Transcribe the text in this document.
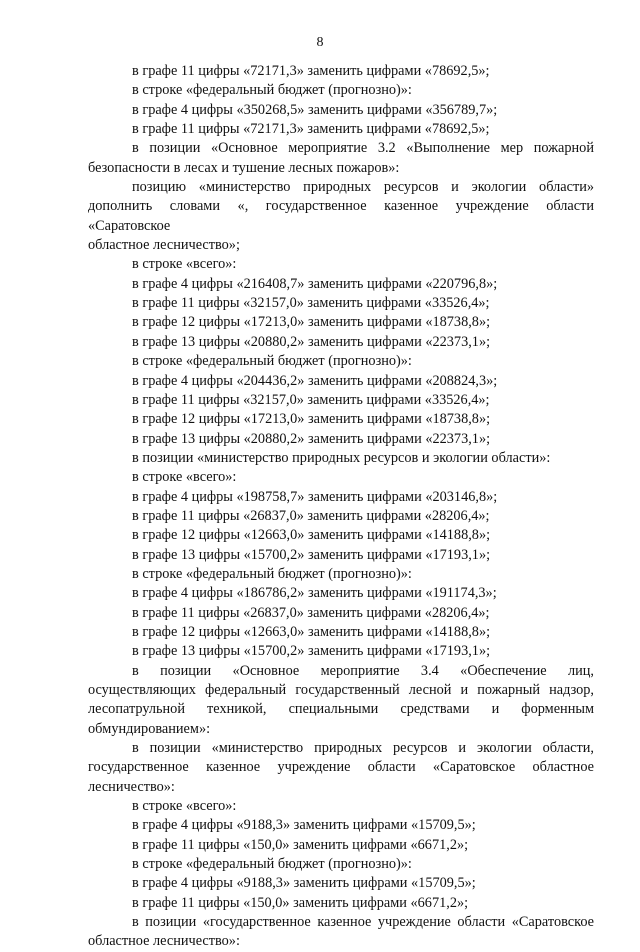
8
в графе 11 цифры «72171,3» заменить цифрами «78692,5»;
в строке «федеральный бюджет (прогнозно)»:
в графе 4 цифры «350268,5» заменить цифрами «356789,7»;
в графе 11 цифры «72171,3» заменить цифрами «78692,5»;
в позиции «Основное мероприятие 3.2 «Выполнение мер пожарной
безопасности в лесах и тушение лесных пожаров»:
позицию «министерство природных ресурсов и экологии области»
дополнить словами «, государственное казенное учреждение области «Саратовское
областное лесничество»;
в строке «всего»:
в графе 4 цифры «216408,7» заменить цифрами «220796,8»;
в графе 11 цифры «32157,0» заменить цифрами «33526,4»;
в графе 12 цифры «17213,0» заменить цифрами «18738,8»;
в графе 13 цифры «20880,2» заменить цифрами «22373,1»;
в строке «федеральный бюджет (прогнозно)»:
в графе 4 цифры «204436,2» заменить цифрами «208824,3»;
в графе 11 цифры «32157,0» заменить цифрами «33526,4»;
в графе 12 цифры «17213,0» заменить цифрами «18738,8»;
в графе 13 цифры «20880,2» заменить цифрами «22373,1»;
в позиции «министерство природных ресурсов и экологии области»:
в строке «всего»:
в графе 4 цифры «198758,7» заменить цифрами «203146,8»;
в графе 11 цифры «26837,0» заменить цифрами «28206,4»;
в графе 12 цифры «12663,0» заменить цифрами «14188,8»;
в графе 13 цифры «15700,2» заменить цифрами «17193,1»;
в строке «федеральный бюджет (прогнозно)»:
в графе 4 цифры «186786,2» заменить цифрами «191174,3»;
в графе 11 цифры «26837,0» заменить цифрами «28206,4»;
в графе 12 цифры «12663,0» заменить цифрами «14188,8»;
в графе 13 цифры «15700,2» заменить цифрами «17193,1»;
в позиции «Основное мероприятие 3.4 «Обеспечение лиц,
осуществляющих федеральный государственный лесной и пожарный надзор,
лесопатрульной техникой, специальными средствами и форменным
обмундированием»:
в позиции «министерство природных ресурсов и экологии области,
государственное казенное учреждение области «Саратовское областное
лесничество»:
в строке «всего»:
в графе 4 цифры «9188,3» заменить цифрами «15709,5»;
в графе 11 цифры «150,0» заменить цифрами «6671,2»;
в строке «федеральный бюджет (прогнозно)»:
в графе 4 цифры «9188,3» заменить цифрами «15709,5»;
в графе 11 цифры «150,0» заменить цифрами «6671,2»;
в позиции «государственное казенное учреждение области «Саратовское
областное лесничество»:
